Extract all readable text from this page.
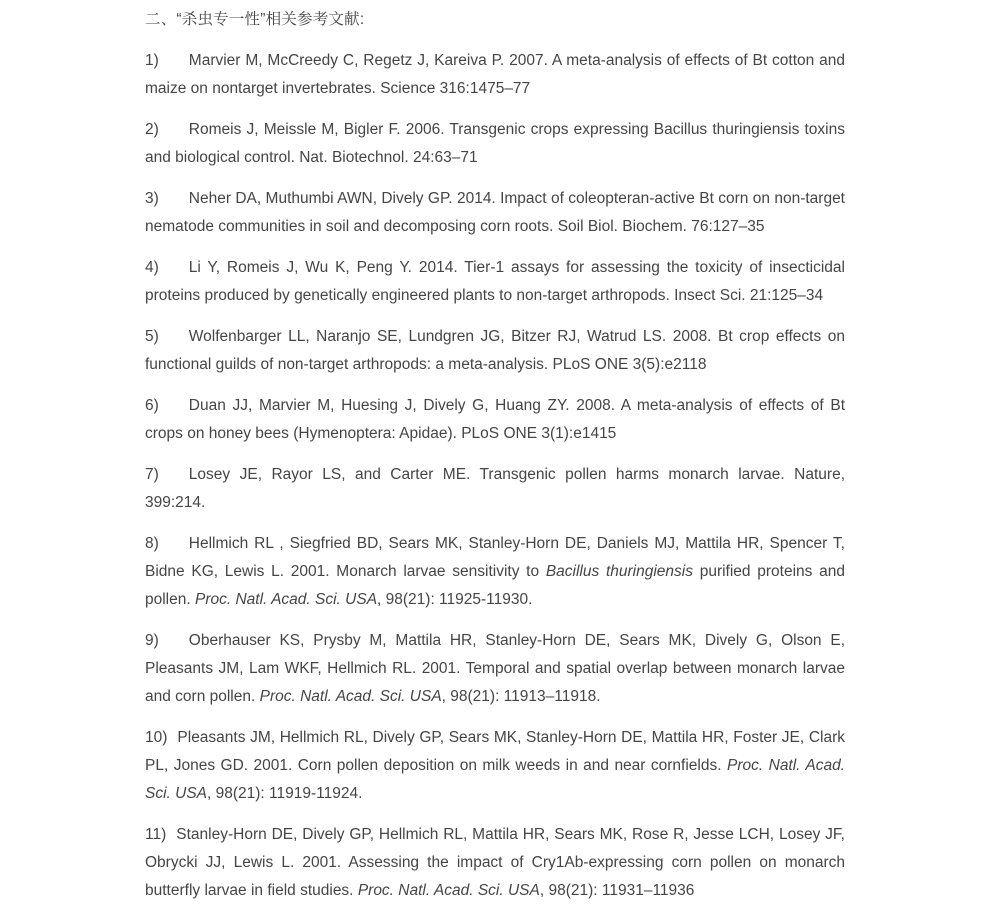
二、“杀虫专一性”相关参考文献:

1) Marvier M, McCreedy C, Regetz J, Kareiva P. 2007. A meta-analysis of effects of Bt cotton and maize on nontarget invertebrates. Science 316:1475–77

2) Romeis J, Meissle M, Bigler F. 2006. Transgenic crops expressing Bacillus thuringiensis toxins and biological control. Nat. Biotechnol. 24:63–71

3) Neher DA, Muthumbi AWN, Dively GP. 2014. Impact of coleopteran-active Bt corn on non-target nematode communities in soil and decomposing corn roots. Soil Biol. Biochem. 76:127–35

4) Li Y, Romeis J, Wu K, Peng Y. 2014. Tier-1 assays for assessing the toxicity of insecticidal proteins produced by genetically engineered plants to non-target arthropods. Insect Sci. 21:125–34

5) Wolfenbarger LL, Naranjo SE, Lundgren JG, Bitzer RJ, Watrud LS. 2008. Bt crop effects on functional guilds of non-target arthropods: a meta-analysis. PLoS ONE 3(5):e2118

6) Duan JJ, Marvier M, Huesing J, Dively G, Huang ZY. 2008. A meta-analysis of effects of Bt crops on honey bees (Hymenoptera: Apidae). PLoS ONE 3(1):e1415

7) Losey JE, Rayor LS, and Carter ME. Transgenic pollen harms monarch larvae. Nature, 399:214.

8) Hellmich RL , Siegfried BD, Sears MK, Stanley-Horn DE, Daniels MJ, Mattila HR, Spencer T, Bidne KG, Lewis L. 2001. Monarch larvae sensitivity to Bacillus thuringiensis purified proteins and pollen. Proc. Natl. Acad. Sci. USA, 98(21): 11925-11930.

9) Oberhauser KS, Prysby M, Mattila HR, Stanley-Horn DE, Sears MK, Dively G, Olson E, Pleasants JM, Lam WKF, Hellmich RL. 2001. Temporal and spatial overlap between monarch larvae and corn pollen. Proc. Natl. Acad. Sci. USA, 98(21): 11913–11918.

10) Pleasants JM, Hellmich RL, Dively GP, Sears MK, Stanley-Horn DE, Mattila HR, Foster JE, Clark PL, Jones GD. 2001. Corn pollen deposition on milk weeds in and near cornfields. Proc. Natl. Acad. Sci. USA, 98(21): 11919-11924.

11) Stanley-Horn DE, Dively GP, Hellmich RL, Mattila HR, Sears MK, Rose R, Jesse LCH, Losey JF, Obrycki JJ, Lewis L. 2001. Assessing the impact of Cry1Ab-expressing corn pollen on monarch butterfly larvae in field studies. Proc. Natl. Acad. Sci. USA, 98(21): 11931–11936
